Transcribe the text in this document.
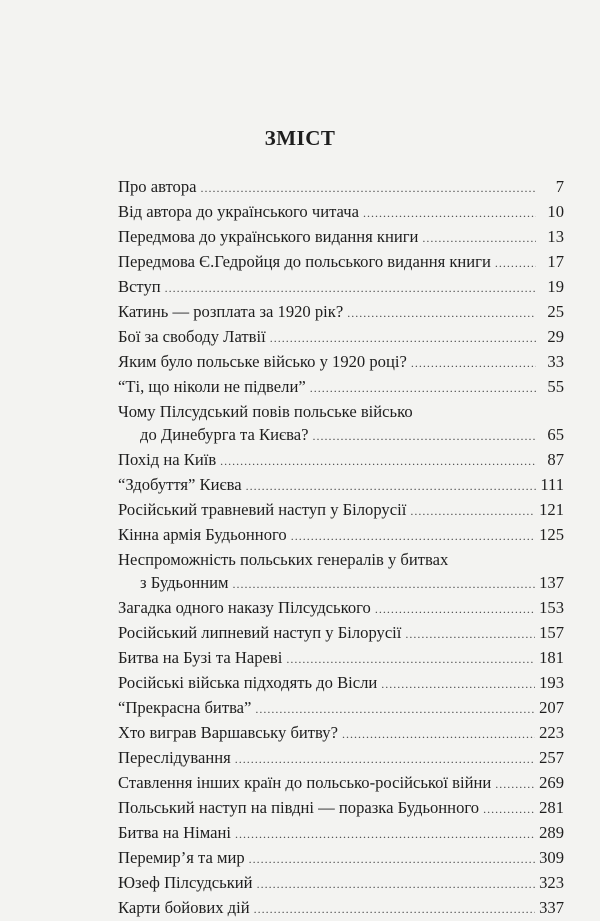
ЗМІСТ
Про автора .....	7
Від автора до українського читача .....	10
Передмова до українського видання книги .....	13
Передмова Є.Гедройця до польського видання книги .....	17
Вступ .....	19
Катинь — розплата за 1920 рік? .....	25
Бої за свободу Латвії .....	29
Яким було польське військо у 1920 році? .....	33
“Ті, що ніколи не підвели” .....	55
Чому Пілсудський повів польське військо
до Динебурга та Києва? .....	65
Похід на Київ .....	87
“Здобуття” Києва .....	111
Російський травневий наступ у Білорусії .....	121
Кінна армія Будьонного .....	125
Неспроможність польських генералів у битвах
з Будьонним .....	137
Загадка одного наказу Пілсудського .....	153
Російський липневий наступ у Білорусії .....	157
Битва на Бузі та Нареві .....	181
Російські війська підходять до Вісли .....	193
“Прекрасна битва” .....	207
Хто виграв Варшавську битву? .....	223
Переслідування .....	257
Ставлення інших країн до польсько-російської війни .....	269
Польський наступ на півдні — поразка Будьонного .....	281
Битва на Німані .....	289
Перемир’я та мир .....	309
Юзеф Пілсудський .....	323
Карти бойових дій .....	337
